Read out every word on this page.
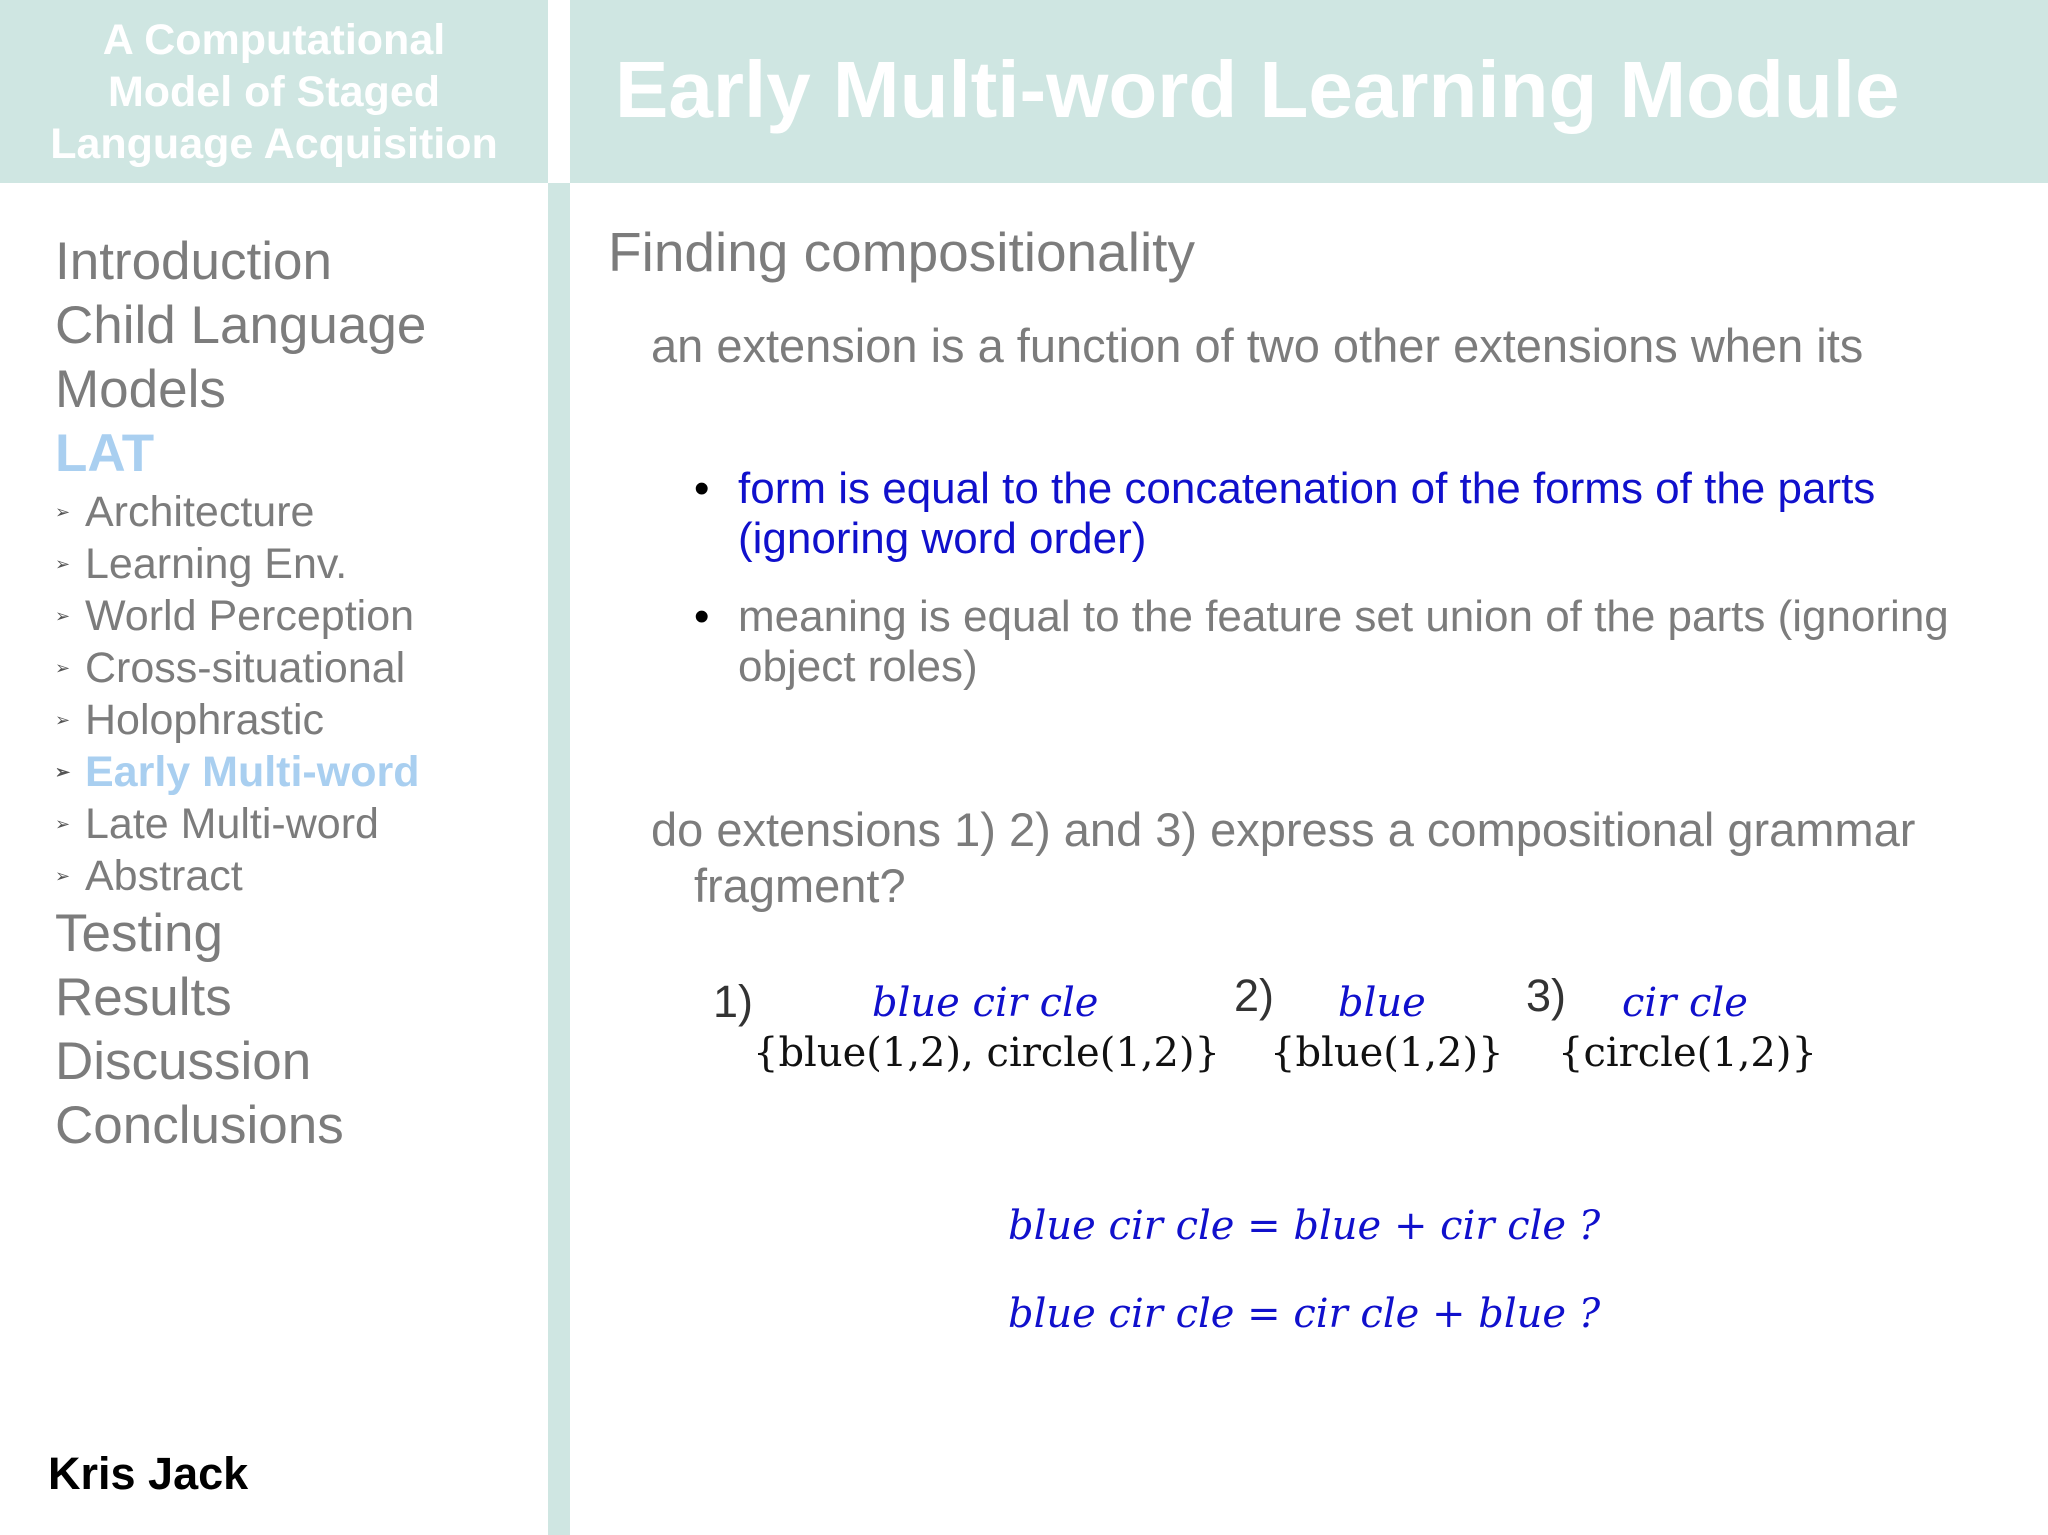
A Computational
Model of Staged
Language Acquisition
Early Multi-word Learning Module
Introduction
Child Language
Models
LAT
➢ Architecture
➢ Learning Env.
➢ World Perception
➢ Cross-situational
➢ Holophrastic
➢ Early Multi-word
➢ Late Multi-word
➢ Abstract
Testing
Results
Discussion
Conclusions
Kris Jack
Finding compositionality
an extension is a function of two other extensions when its
• form is equal to the concatenation of the forms of the parts (ignoring word order)
• meaning is equal to the feature set union of the parts (ignoring object roles)
do extensions 1) 2) and 3) express a compositional grammar fragment?
1)	blue cir cle
{blue(1,2), circle(1,2)}
2) blue
{blue(1,2)}
3) cir cle
{circle(1,2)}
blue cir cle = blue + cir cle ?
blue cir cle = cir cle + blue ?
